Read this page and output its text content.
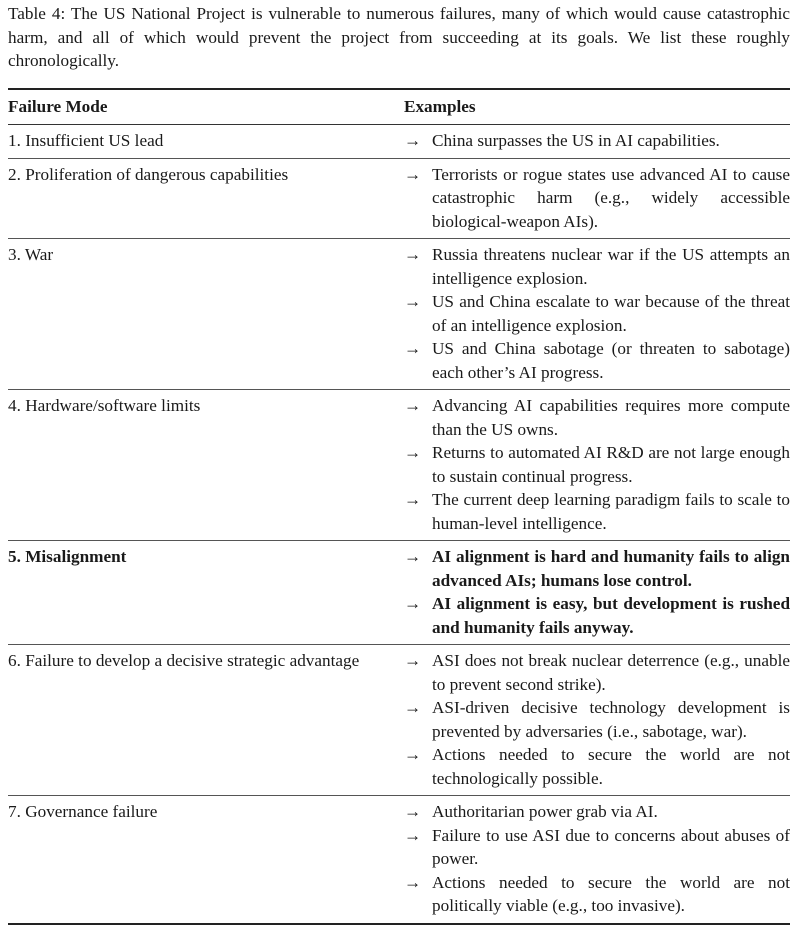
Table 4: The US National Project is vulnerable to numerous failures, many of which would cause catastrophic harm, and all of which would prevent the project from succeeding at its goals. We list these roughly chronologically.

Failure Mode	Examples
1. Insufficient US lead	→ China surpasses the US in AI capabilities.

2. Proliferation of dangerous capabilities	→ Terrorists or rogue states use advanced AI to cause catastrophic harm (e.g., widely accessible biological-weapon AIs).

3. War	→ Russia threatens nuclear war if the US attempts an intelligence explosion.
→ US and China escalate to war because of the threat of an intelligence explosion.
→ US and China sabotage (or threaten to sabotage) each other’s AI progress.

4. Hardware/software limits	→ Advancing AI capabilities requires more compute than the US owns.
→ Returns to automated AI R&D are not large enough to sustain continual progress.
→ The current deep learning paradigm fails to scale to human-level intelligence.

5. Misalignment	→ AI alignment is hard and humanity fails to align advanced AIs; humans lose control.
→ AI alignment is easy, but development is rushed and humanity fails anyway.

6. Failure to develop a decisive strategic advantage	→ ASI does not break nuclear deterrence (e.g., unable to prevent second strike).
→ ASI-driven decisive technology development is prevented by adversaries (i.e., sabotage, war).
→ Actions needed to secure the world are not technologically possible.

7. Governance failure	→ Authoritarian power grab via AI.
→ Failure to use ASI due to concerns about abuses of power.
→ Actions needed to secure the world are not politically viable (e.g., too invasive).
